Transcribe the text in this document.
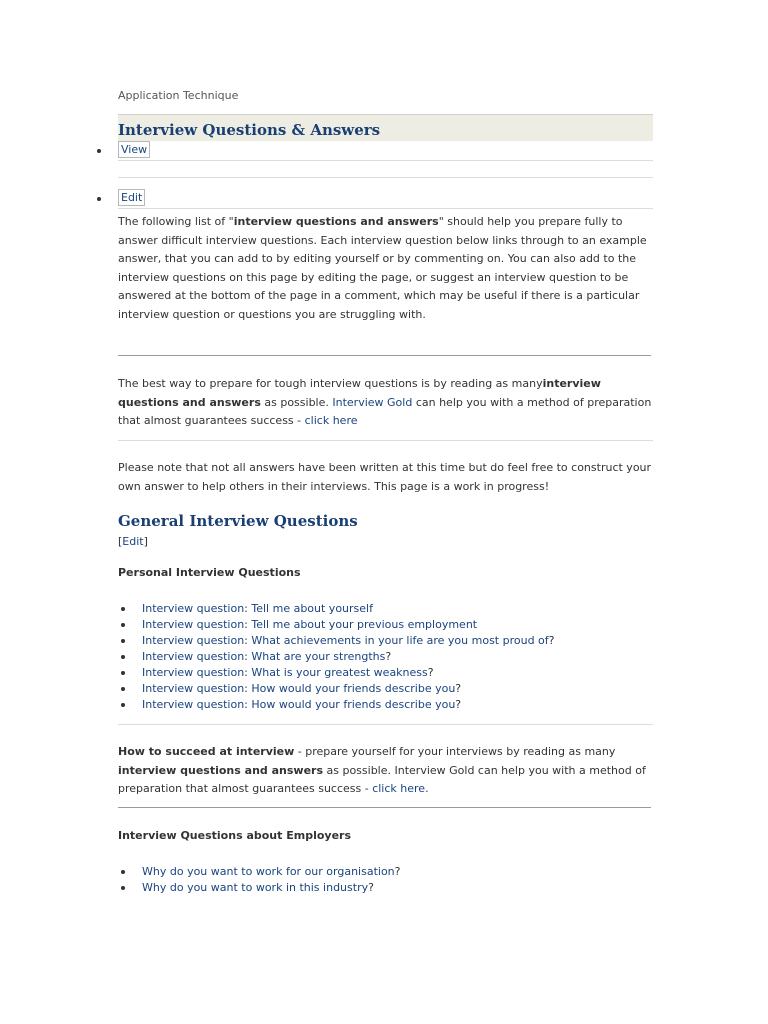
Application Technique
Interview Questions & Answers
View
Edit

The following list of "interview questions and answers" should help you prepare fully to answer difficult interview questions. Each interview question below links through to an example answer, that you can add to by editing yourself or by commenting on. You can also add to the interview questions on this page by editing the page, or suggest an interview question to be answered at the bottom of the page in a comment, which may be useful if there is a particular interview question or questions you are struggling with.

The best way to prepare for tough interview questions is by reading as manyinterview questions and answers as possible. Interview Gold can help you with a method of preparation that almost guarantees success - click here

Please note that not all answers have been written at this time but do feel free to construct your own answer to help others in their interviews. This page is a work in progress!

General Interview Questions
[Edit]
Personal Interview Questions
Interview question: Tell me about yourself
Interview question: Tell me about your previous employment
Interview question: What achievements in your life are you most proud of?
Interview question: What are your strengths?
Interview question: What is your greatest weakness?
Interview question: How would your friends describe you?
Interview question: How would your friends describe you?

How to succeed at interview - prepare yourself for your interviews by reading as many interview questions and answers as possible. Interview Gold can help you with a method of preparation that almost guarantees success - click here.

Interview Questions about Employers
Why do you want to work for our organisation?
Why do you want to work in this industry?
